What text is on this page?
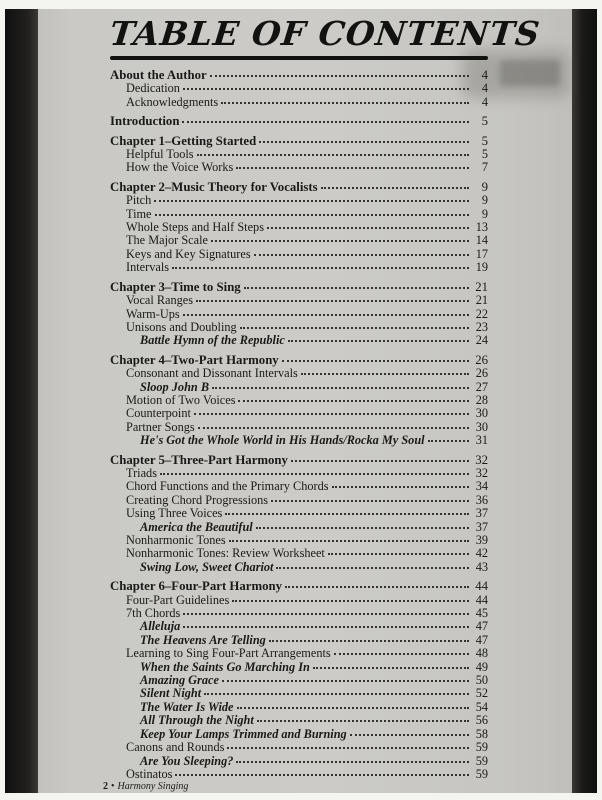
TABLE OF CONTENTS
About the Author	4
Dedication	4
Acknowledgments	4
Introduction	5
Chapter 1–Getting Started	5
Helpful Tools	5
How the Voice Works	7
Chapter 2–Music Theory for Vocalists	9
Pitch	9
Time	9
Whole Steps and Half Steps	13
The Major Scale	14
Keys and Key Signatures	17
Intervals	19
Chapter 3–Time to Sing	21
Vocal Ranges	21
Warm-Ups	22
Unisons and Doubling	23
Battle Hymn of the Republic	24
Chapter 4–Two-Part Harmony	26
Consonant and Dissonant Intervals	26
Sloop John B	27
Motion of Two Voices	28
Counterpoint	30
Partner Songs	30
He's Got the Whole World in His Hands/Rocka My Soul	31
Chapter 5–Three-Part Harmony	32
Triads	32
Chord Functions and the Primary Chords	34
Creating Chord Progressions	36
Using Three Voices	37
America the Beautiful	37
Nonharmonic Tones	39
Nonharmonic Tones: Review Worksheet	42
Swing Low, Sweet Chariot	43
Chapter 6–Four-Part Harmony	44
Four-Part Guidelines	44
7th Chords	45
Alleluja	47
The Heavens Are Telling	47
Learning to Sing Four-Part Arrangements	48
When the Saints Go Marching In	49
Amazing Grace	50
Silent Night	52
The Water Is Wide	54
All Through the Night	56
Keep Your Lamps Trimmed and Burning	58
Canons and Rounds	59
Are You Sleeping?	59
Ostinatos	59
2 • Harmony Singing
